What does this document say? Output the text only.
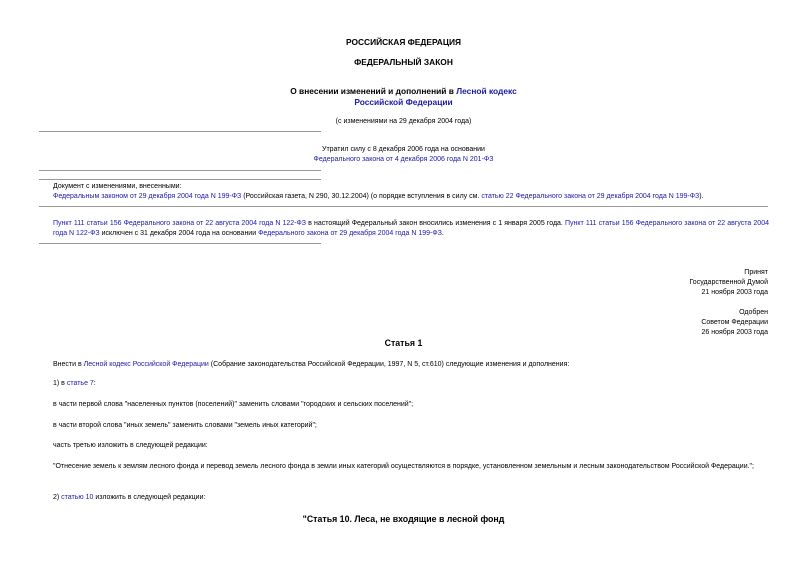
РОССИЙСКАЯ ФЕДЕРАЦИЯ
ФЕДЕРАЛЬНЫЙ ЗАКОН
О внесении изменений и дополнений в Лесной кодекс
Российской Федерации
(с изменениями на 29 декабря 2004 года)
Утратил силу с 8 декабря 2006 года на основании
Федерального закона от 4 декабря 2006 года N 201-ФЗ
Документ с изменениями, внесенными:
Федеральным законом от 29 декабря 2004 года N 199-ФЗ (Российская газета, N 290, 30.12.2004) (о порядке вступления в силу см. статью 22 Федерального закона от 29 декабря 2004 года N 199-ФЗ).
Пункт 111 статьи 156 Федерального закона от 22 августа 2004 года N 122-ФЗ в настоящий Федеральный закон вносились изменения с 1 января 2005 года. Пункт 111 статьи 156 Федерального закона от 22 августа 2004 года N 122-ФЗ исключен с 31 декабря 2004 года на основании Федерального закона от 29 декабря 2004 года N 199-ФЗ.
Принят
Государственной Думой
21 ноября 2003 года
Одобрен
Советом Федерации
26 ноября 2003 года
Статья 1
Внести в Лесной кодекс Российской Федерации (Собрание законодательства Российской Федерации, 1997, N 5, ст.610) следующие изменения и дополнения:
1) в статье 7:
в части первой слова "населенных пунктов (поселений)" заменить словами "городских и сельских поселений";
в части второй слова "иных земель" заменить словами "земель иных категорий";
часть третью изложить в следующей редакции:
"Отнесение земель к землям лесного фонда и перевод земель лесного фонда в земли иных категорий осуществляются в порядке, установленном земельным и лесным законодательством Российской Федерации.";
2) статью 10 изложить в следующей редакции:
"Статья 10. Леса, не входящие в лесной фонд
